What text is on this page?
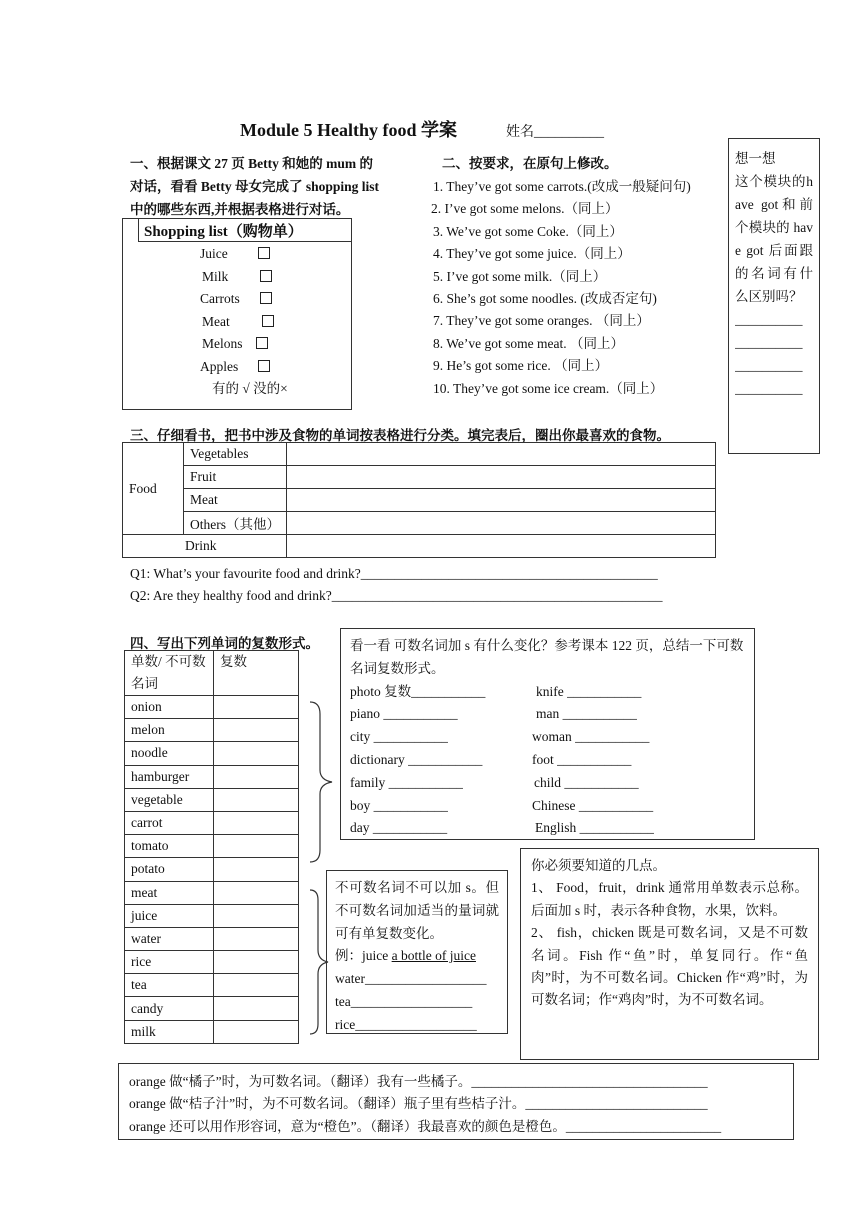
Module 5 Healthy food 学案	姓名__________
想一想
这个模块的have got和前个模块的 have got 后面跟的名词有什么区别吗？
__________
__________
__________
__________
一、根据课文 27 页 Betty 和她的 mum 的
对话，看看 Betty 母女完成了 shopping list
中的哪些东西,并根据表格进行对话。
Shopping list（购物单）
Juice
Milk
Carrots
Meat
Melons
Apples
有的 √ 没的×
二、按要求，在原句上修改。
1. They’ve got some carrots.(改成一般疑问句)
2. I’ve got some melons.（同上）
3. We’ve got some Coke.（同上）
4. They’ve got some juice.（同上）
5. I’ve got some milk.（同上）
6. She’s got some noodles. (改成否定句)
7. They’ve got some oranges. （同上）
8. We’ve got some meat. （同上）
9. He’s got some rice. （同上）
10. They’ve got some ice cream.（同上）
三、仔细看书，把书中涉及食物的单词按表格进行分类。填完表后，圈出你最喜欢的食物。
Food	Vegetables	
	Fruit	
	Meat	
	Others（其他）	
Drink		
Q1: What’s your favourite food and drink?____________________________________________
Q2: Are they healthy food and drink?_________________________________________________
四、写出下列单词的复数形式。
单数/ 不可数名词	复数
onion	
melon	
noodle	
hamburger	
vegetable	
carrot	
tomato	
potato	
meat	
juice	
water	
rice	
tea	
candy	
milk	
看一看 可数名词加 s 有什么变化？参考课本 122 页，总结一下可数名词复数形式。
photo 复数___________	knife ___________
piano ___________	man ___________
city ___________	woman ___________
dictionary ___________	foot ___________
family ___________	child ___________
boy ___________	Chinese ___________
day ___________	English ___________
不可数名词不可以加 s。但不可数名词加适当的量词就可有单复数变化。
例：juice a bottle of juice
water__________________
tea__________________
rice__________________
你必须要知道的几点。
1、 Food，fruit，drink 通常用单数表示总称。后面加 s 时，表示各种食物，水果，饮料。
2、 fish，chicken 既是可数名词，又是不可数名词。Fish 作“鱼”时，单复同行。作“鱼肉”时，为不可数名词。Chicken 作“鸡”时，为可数名词；作“鸡肉”时，为不可数名词。
orange 做“橘子”时，为可数名词。（翻译）我有一些橘子。___________________________________
orange 做“桔子汁”时，为不可数名词。（翻译）瓶子里有些桔子汁。___________________________
orange 还可以用作形容词，意为“橙色”。（翻译）我最喜欢的颜色是橙色。_______________________
